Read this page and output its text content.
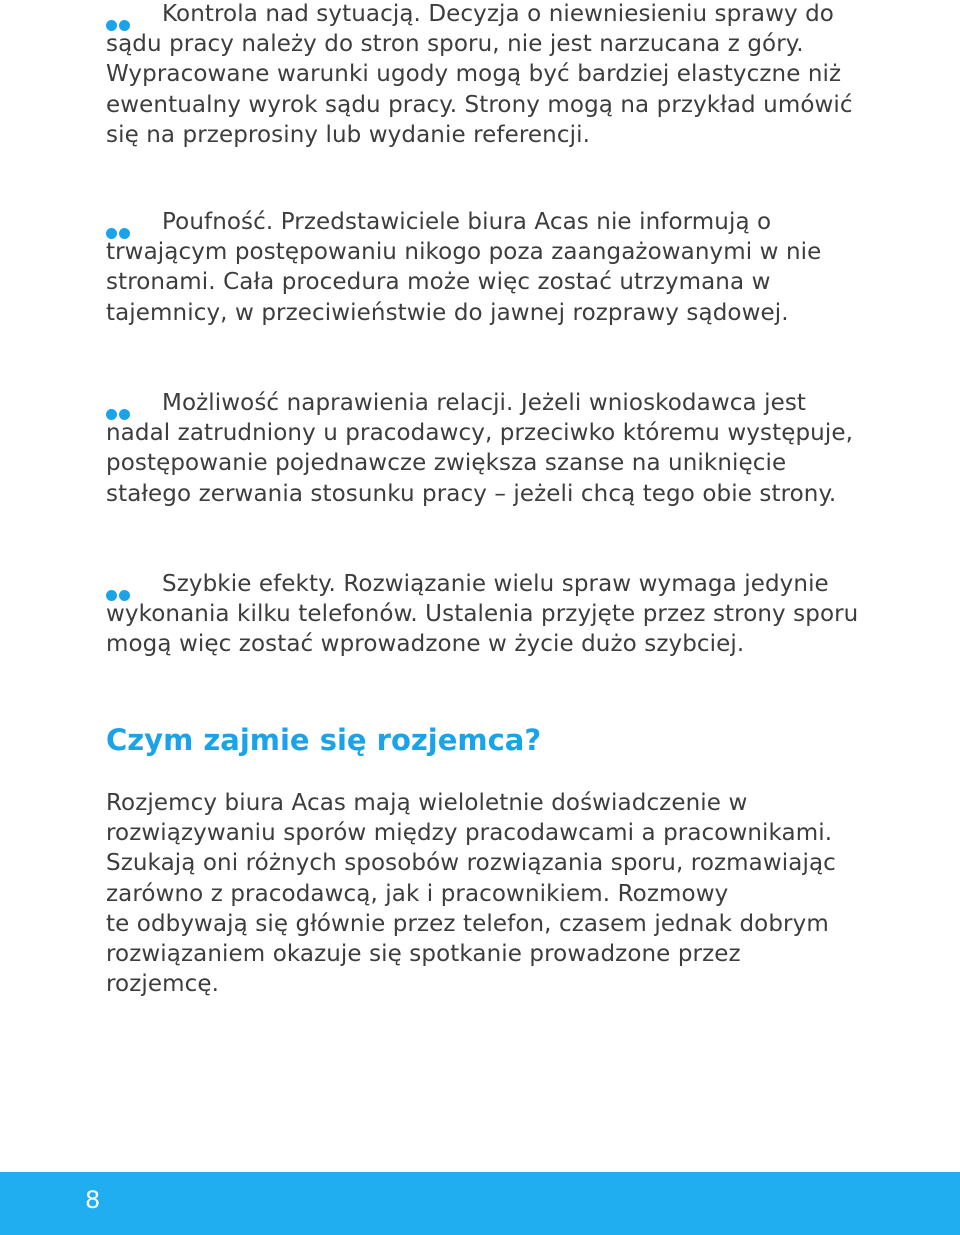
Kontrola nad sytuacją. Decyzja o niewniesieniu sprawy do sądu pracy należy do stron sporu, nie jest narzucana z góry. Wypracowane warunki ugody mogą być bardziej elastyczne niż ewentualny wyrok sądu pracy. Strony mogą na przykład umówić się na przeprosiny lub wydanie referencji.

Poufność. Przedstawiciele biura Acas nie informują o trwającym postępowaniu nikogo poza zaangażowanymi w nie stronami. Cała procedura może więc zostać utrzymana w tajemnicy, w przeciwieństwie do jawnej rozprawy sądowej.

Możliwość naprawienia relacji. Jeżeli wnioskodawca jest nadal zatrudniony u pracodawcy, przeciwko któremu występuje, postępowanie pojednawcze zwiększa szanse na uniknięcie stałego zerwania stosunku pracy – jeżeli chcą tego obie strony.

Szybkie efekty. Rozwiązanie wielu spraw wymaga jedynie wykonania kilku telefonów. Ustalenia przyjęte przez strony sporu mogą więc zostać wprowadzone w życie dużo szybciej.

Czym zajmie się rozjemca?
Rozjemcy biura Acas mają wieloletnie doświadczenie w rozwiązywaniu sporów między pracodawcami a pracownikami. Szukają oni różnych sposobów rozwiązania sporu, rozmawiając zarówno z pracodawcą, jak i pracownikiem. Rozmowy
te odbywają się głównie przez telefon, czasem jednak dobrym rozwiązaniem okazuje się spotkanie prowadzone przez rozjemcę.
8
